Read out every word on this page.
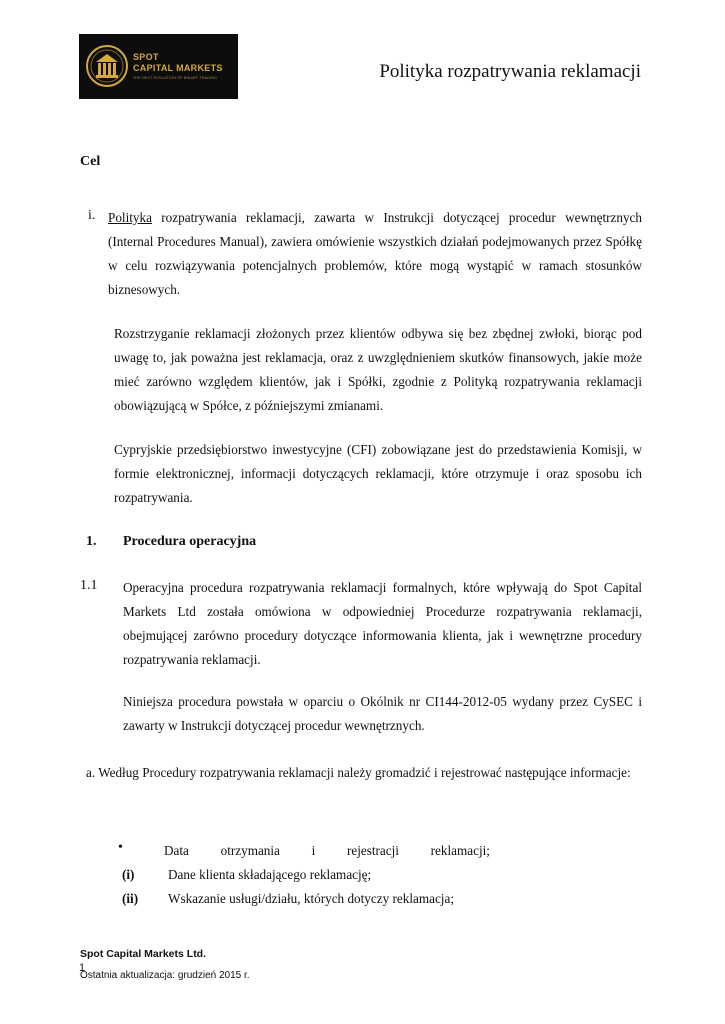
SPOT
CAPITAL MARKETS
THE NEXT EVOLUTION OF BINARY TRADING	Polityka rozpatrywania reklamacji
Cel
i. Polityka rozpatrywania reklamacji, zawarta w Instrukcji dotyczącej procedur wewnętrznych (Internal Procedures Manual), zawiera omówienie wszystkich działań podejmowanych przez Spółkę w celu rozwiązywania potencjalnych problemów, które mogą wystąpić w ramach stosunków biznesowych.
Rozstrzyganie reklamacji złożonych przez klientów odbywa się bez zbędnej zwłoki, biorąc pod uwagę to, jak poważna jest reklamacja, oraz z uwzględnieniem skutków finansowych, jakie może mieć zarówno względem klientów, jak i Spółki, zgodnie z Polityką rozpatrywania reklamacji obowiązującą w Spółce, z późniejszymi zmianami.
Cypryjskie przedsiębiorstwo inwestycyjne (CFI) zobowiązane jest do przedstawienia Komisji, w formie elektronicznej, informacji dotyczących reklamacji, które otrzymuje i oraz sposobu ich rozpatrywania.
1. Procedura operacyjna
1.1 Operacyjna procedura rozpatrywania reklamacji formalnych, które wpływają do Spot Capital Markets Ltd została omówiona w odpowiedniej Procedurze rozpatrywania reklamacji, obejmującej zarówno procedury dotyczące informowania klienta, jak i wewnętrzne procedury rozpatrywania reklamacji.
Niniejsza procedura powstała w oparciu o Okólnik nr CI144-2012-05 wydany przez CySEC i zawarty w Instrukcji dotyczącej procedur wewnętrznych.
a. Według Procedury rozpatrywania reklamacji należy gromadzić i rejestrować następujące informacje:
•	Data otrzymania i rejestracji reklamacji;
(i)	Dane klienta składającego reklamację;
(ii) Wskazanie usługi/działu, których dotyczy reklamacja;
Spot Capital Markets Ltd.
1
Ostatnia aktualizacja: grudzień 2015 r.
